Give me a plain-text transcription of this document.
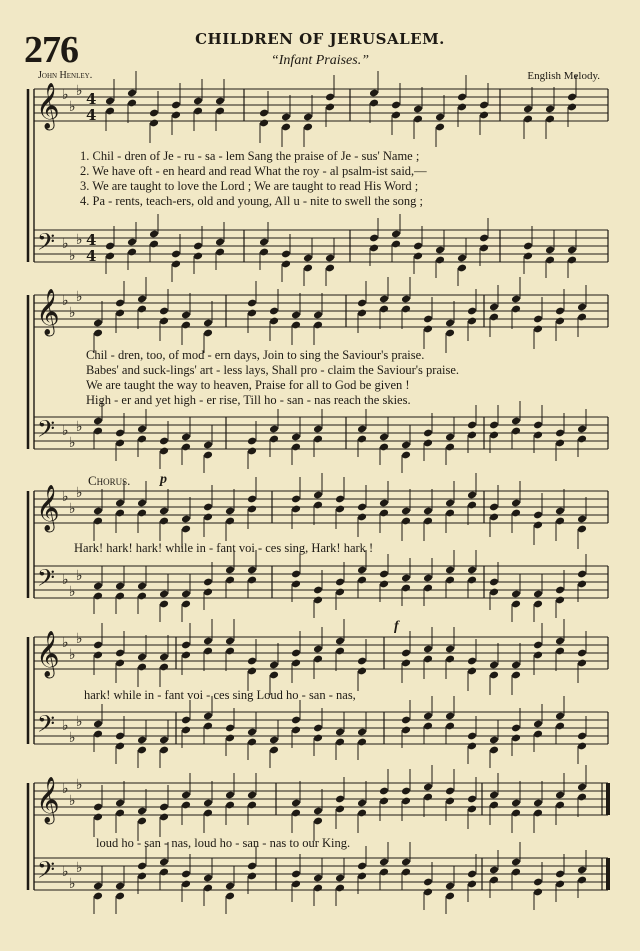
276	CHILDREN OF JERUSALEM.
“Infant Praises.”
John Henley.	English Melody.
𝄞 ♭
♭
♭ 4
4
𝄢 ♭
♭
♭ 4
4
𝄞 ♭
♭
♭
𝄢 ♭
♭
♭
𝄞 ♭
♭
♭
𝄢 ♭
♭
♭
𝄞 ♭
♭
♭
𝄢 ♭
♭
♭
𝄞 ♭
♭
♭
𝄢 ♭
♭
♭
1. Chil - dren of Je - ru - sa - lem Sang the praise of Je - sus' Name ;
2. We have oft - en heard and read What the roy - al psalm-ist said,—
3. We are taught to love the Lord ; We are taught to read His Word ;
4. Pa - rents, teach-ers, old and young, All u - nite to swell the song ;
Chil - dren, too, of mod - ern days, Join to sing the Saviour's praise.
Babes' and suck-lings' art - less lays, Shall pro - claim the Saviour's praise.
We are taught the way to heaven, Praise for all to God be given !
High - er and yet high - er rise, Till ho - san - nas reach the skies.
Chorus. p
Hark! hark! hark! while in - fant voi - ces sing, Hark! hark !
f
hark! while in - fant voi - ces sing Loud ho - san - nas,
loud ho - san - nas, loud ho - san - nas to our King.
